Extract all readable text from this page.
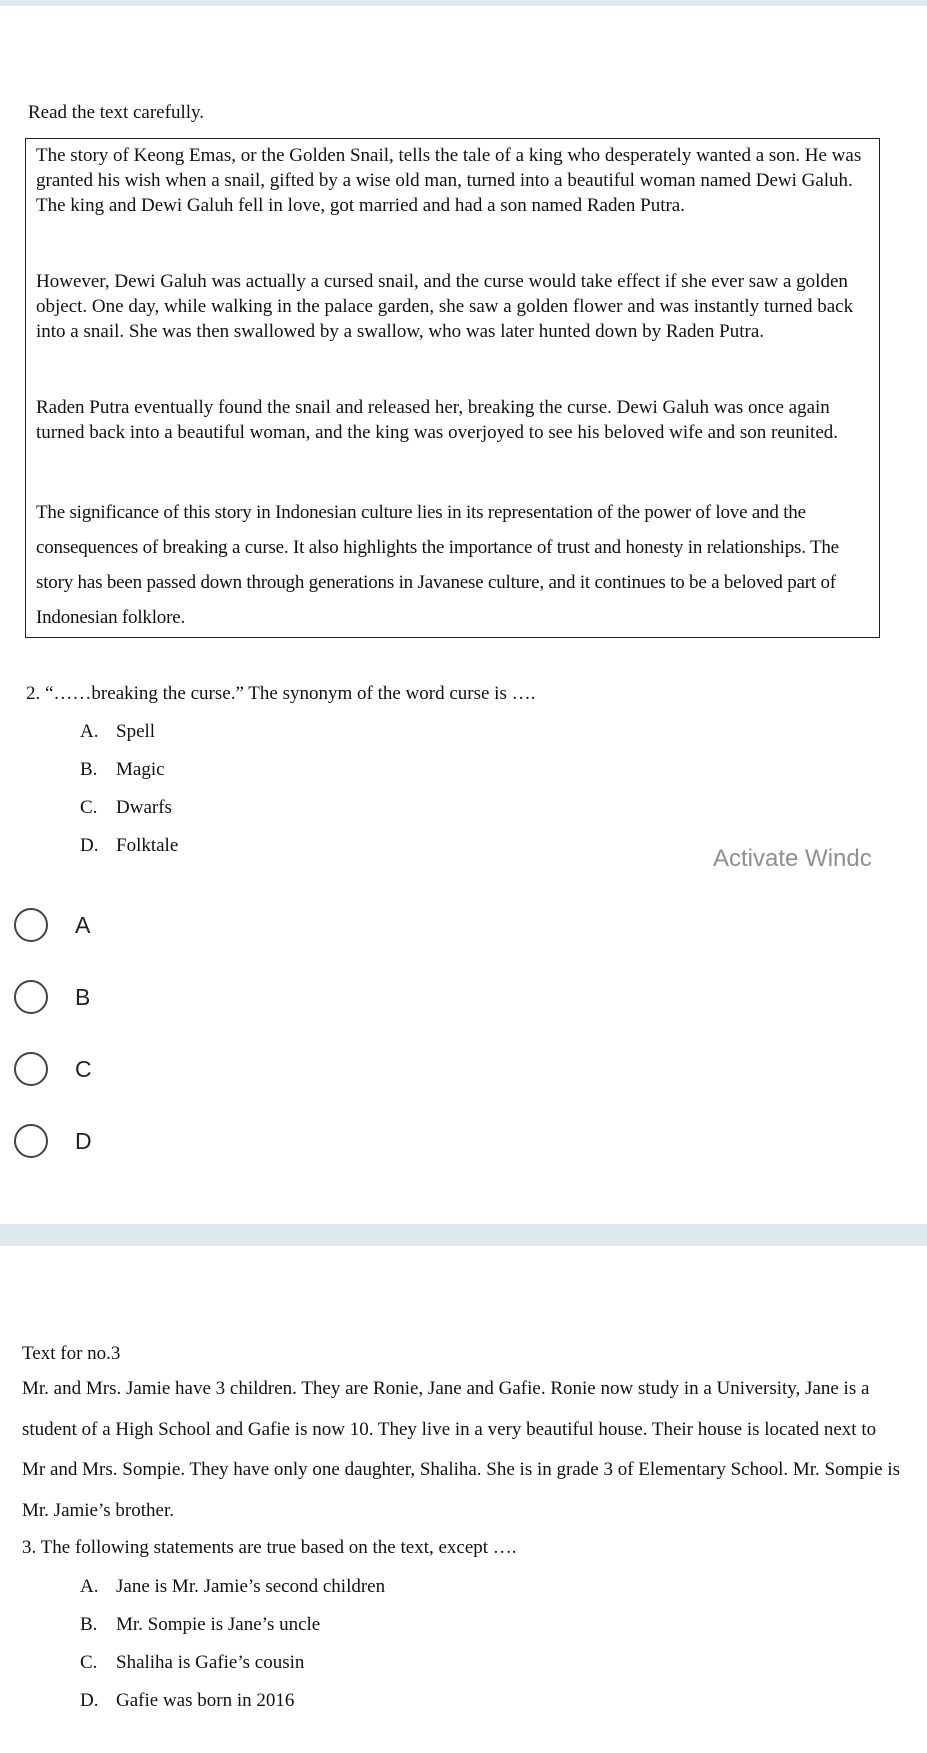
Read the text carefully.

The story of Keong Emas, or the Golden Snail, tells the tale of a king who desperately wanted a son. He was granted his wish when a snail, gifted by a wise old man, turned into a beautiful woman named Dewi Galuh. The king and Dewi Galuh fell in love, got married and had a son named Raden Putra.

However, Dewi Galuh was actually a cursed snail, and the curse would take effect if she ever saw a golden object. One day, while walking in the palace garden, she saw a golden flower and was instantly turned back into a snail. She was then swallowed by a swallow, who was later hunted down by Raden Putra.

Raden Putra eventually found the snail and released her, breaking the curse. Dewi Galuh was once again turned back into a beautiful woman, and the king was overjoyed to see his beloved wife and son reunited.

The significance of this story in Indonesian culture lies in its representation of the power of love and the consequences of breaking a curse. It also highlights the importance of trust and honesty in relationships. The story has been passed down through generations in Javanese culture, and it continues to be a beloved part of Indonesian folklore.

2. “……breaking the curse.” The synonym of the word curse is ….
A. Spell
B. Magic
C. Dwarfs
D. Folktale	Activate Windc
A
B
C
D
Text for no.3

Mr. and Mrs. Jamie have 3 children. They are Ronie, Jane and Gafie. Ronie now study in a University, Jane is a student of a High School and Gafie is now 10. They live in a very beautiful house. Their house is located next to Mr and Mrs. Sompie. They have only one daughter, Shaliha. She is in grade 3 of Elementary School. Mr. Sompie is Mr. Jamie’s brother.

3. The following statements are true based on the text, except ….
A. Jane is Mr. Jamie’s second children
B. Mr. Sompie is Jane’s uncle
C. Shaliha is Gafie’s cousin
D. Gafie was born in 2016
